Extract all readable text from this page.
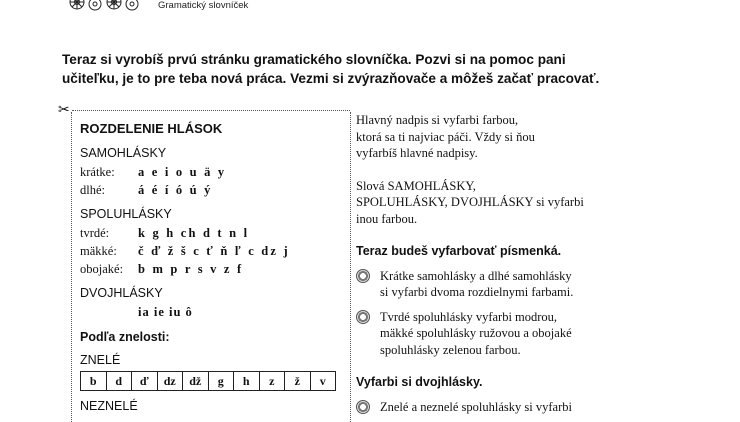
Gramatický slovníček
Teraz si vyrobíš prvú stránku gramatického slovníčka. Pozvi si na pomoc pani
učiteľku, je to pre teba nová práca. Vezmi si zvýrazňovače a môžeš začať pracovať.
✂
ROZDELENIE HLÁSOK
SAMOHLÁSKY
krátke:	a e i o u ä y
dlhé:	á é í ó ú ý
SPOLUHLÁSKY
tvrdé:	k g h ch d t n l
mäkké:	č ď ž š c ť ň ľ c dz j
obojaké:	b m p r s v z f
DVOJHLÁSKY
ia ie iu ô
Podľa znelosti:
ZNELÉ
b	d	ď	dz	dž	g	h	z	ž	v
NEZNELÉ

Hlavný nadpis si vyfarbi farbou,
ktorá sa ti najviac páči. Vždy si ňou
vyfarbíš hlavné nadpisy.

Slová SAMOHLÁSKY,
SPOLUHLÁSKY, DVOJHLÁSKY si vyfarbi
inou farbou.

Teraz budeš vyfarbovať písmenká.
Krátke samohlásky a dlhé samohlásky
si vyfarbi dvoma rozdielnymi farbami.
Tvrdé spoluhlásky vyfarbi modrou,
mäkké spoluhlásky ružovou a obojaké
spoluhlásky zelenou farbou.
Vyfarbi si dvojhlásky.
Znelé a neznelé spoluhlásky si vyfarbi
